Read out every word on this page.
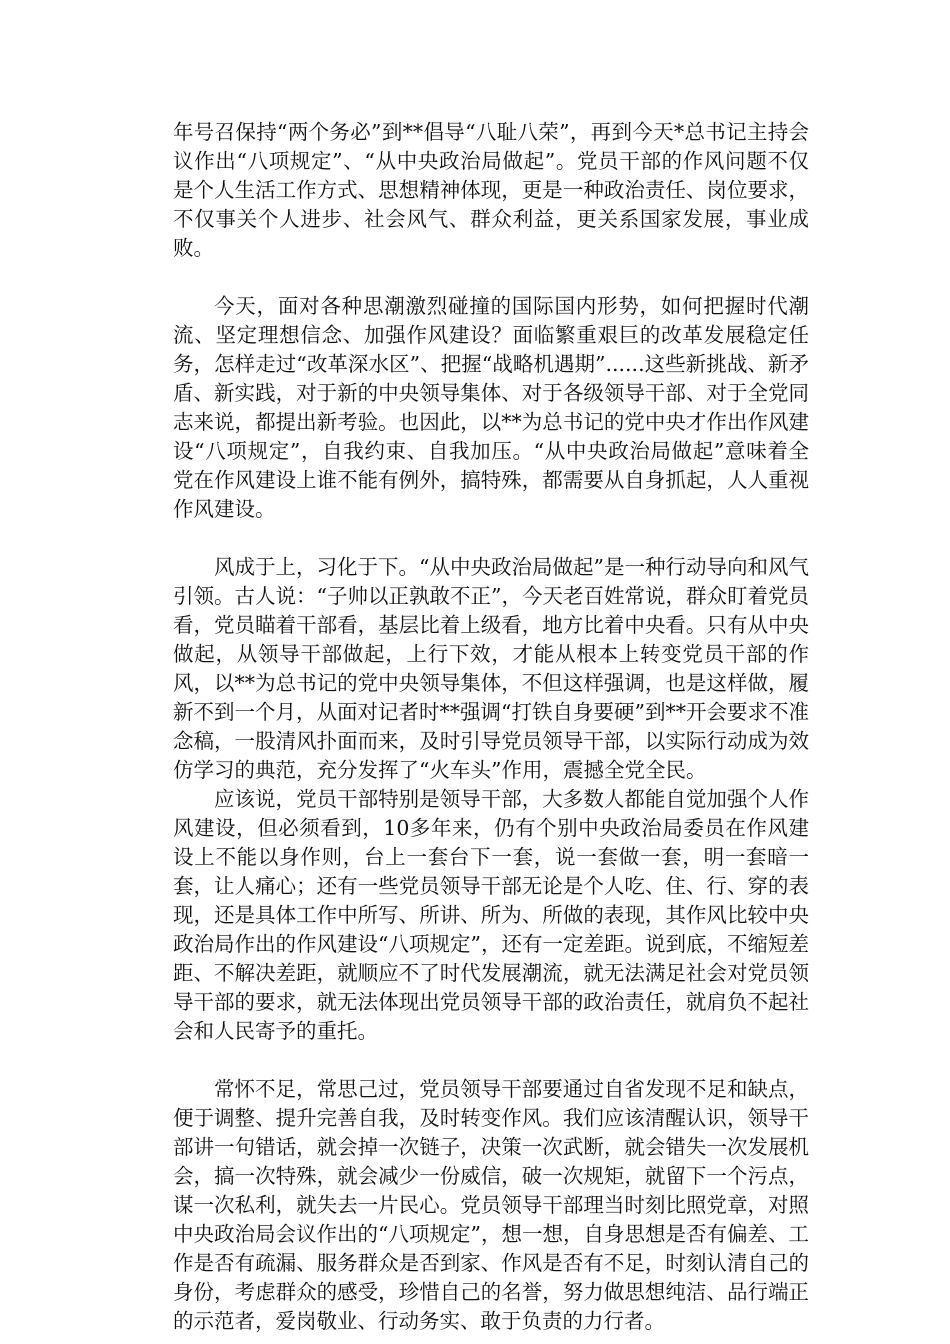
年号召保持“两个务必”到**倡导“八耻八荣”，再到今天*总书记主持会议作出“八项规定”、“从中央政治局做起”。党员干部的作风问题不仅是个人生活工作方式、思想精神体现，更是一种政治责任、岗位要求，不仅事关个人进步、社会风气、群众利益，更关系国家发展，事业成败。

今天，面对各种思潮激烈碰撞的国际国内形势，如何把握时代潮流、坚定理想信念、加强作风建设？面临繁重艰巨的改革发展稳定任务，怎样走过“改革深水区”、把握“战略机遇期”......这些新挑战、新矛盾、新实践，对于新的中央领导集体、对于各级领导干部、对于全党同志来说，都提出新考验。也因此，以**为总书记的党中央才作出作风建设“八项规定”，自我约束、自我加压。“从中央政治局做起”意味着全党在作风建设上谁不能有例外，搞特殊，都需要从自身抓起，人人重视作风建设。

风成于上，习化于下。“从中央政治局做起”是一种行动导向和风气引领。古人说：“子帅以正孰敢不正”，今天老百姓常说，群众盯着党员看，党员瞄着干部看，基层比着上级看，地方比着中央看。只有从中央做起，从领导干部做起，上行下效，才能从根本上转变党员干部的作风，以**为总书记的党中央领导集体，不但这样强调，也是这样做，履新不到一个月，从面对记者时**强调“打铁自身要硬”到**开会要求不准念稿，一股清风扑面而来，及时引导党员领导干部，以实际行动成为效仿学习的典范，充分发挥了“火车头”作用，震撼全党全民。

应该说，党员干部特别是领导干部，大多数人都能自觉加强个人作风建设，但必须看到，10多年来，仍有个别中央政治局委员在作风建设上不能以身作则，台上一套台下一套，说一套做一套，明一套暗一套，让人痛心；还有一些党员领导干部无论是个人吃、住、行、穿的表现，还是具体工作中所写、所讲、所为、所做的表现，其作风比较中央政治局作出的作风建设“八项规定”，还有一定差距。说到底，不缩短差距、不解决差距，就顺应不了时代发展潮流，就无法满足社会对党员领导干部的要求，就无法体现出党员领导干部的政治责任，就肩负不起社会和人民寄予的重托。

常怀不足，常思己过，党员领导干部要通过自省发现不足和缺点，便于调整、提升完善自我，及时转变作风。我们应该清醒认识，领导干部讲一句错话，就会掉一次链子，决策一次武断，就会错失一次发展机会，搞一次特殊，就会减少一份威信，破一次规矩，就留下一个污点，谋一次私利，就失去一片民心。党员领导干部理当时刻比照党章，对照中央政治局会议作出的“八项规定”，想一想，自身思想是否有偏差、工作是否有疏漏、服务群众是否到家、作风是否有不足，时刻认清自己的身份，考虑群众的感受，珍惜自己的名誉，努力做思想纯洁、品行端正的示范者，爱岗敬业、行动务实、敢于负责的力行者。
